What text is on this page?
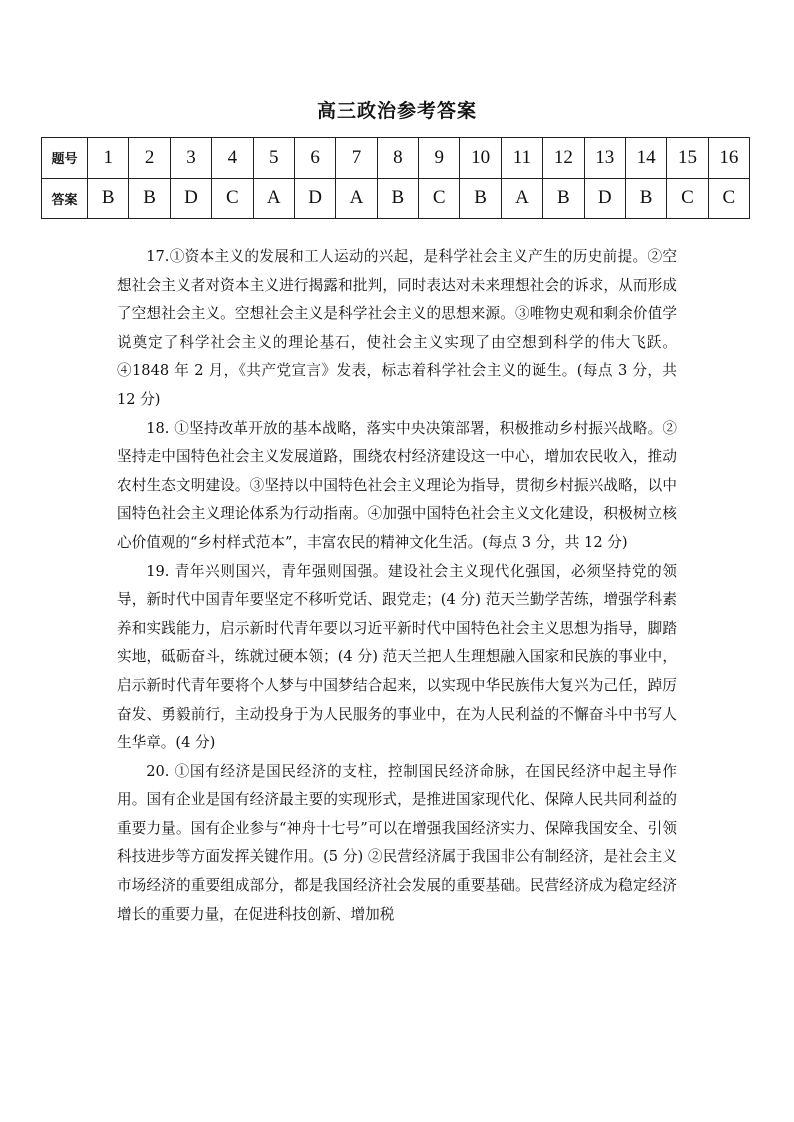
高三政治参考答案
题号	1	2	3	4	5	6	7	8	9	10	11	12	13	14	15	16
答案	B	B	D	C	A	D	A	B	C	B	A	B	D	B	C	C

17.①资本主义的发展和工人运动的兴起，是科学社会主义产生的历史前提。②空想社会主义者对资本主义进行揭露和批判，同时表达对未来理想社会的诉求，从而形成了空想社会主义。空想社会主义是科学社会主义的思想来源。③唯物史观和剩余价值学说奠定了科学社会主义的理论基石，使社会主义实现了由空想到科学的伟大飞跃。④1848 年 2 月，《共产党宣言》发表，标志着科学社会主义的诞生。(每点 3 分，共 12 分)

18. ①坚持改革开放的基本战略，落实中央决策部署，积极推动乡村振兴战略。②坚持走中国特色社会主义发展道路，围绕农村经济建设这一中心，增加农民收入，推动农村生态文明建设。③坚持以中国特色社会主义理论为指导，贯彻乡村振兴战略，以中国特色社会主义理论体系为行动指南。④加强中国特色社会主义文化建设，积极树立核心价值观的“乡村样式范本”，丰富农民的精神文化生活。(每点 3 分，共 12 分)

19. 青年兴则国兴，青年强则国强。建设社会主义现代化强国，必须坚持党的领导，新时代中国青年要坚定不移听党话、跟党走；(4 分) 范天兰勤学苦练，增强学科素养和实践能力，启示新时代青年要以习近平新时代中国特色社会主义思想为指导，脚踏实地，砥砺奋斗，练就过硬本领；(4 分) 范天兰把人生理想融入国家和民族的事业中，启示新时代青年要将个人梦与中国梦结合起来，以实现中华民族伟大复兴为己任，踔厉奋发、勇毅前行，主动投身于为人民服务的事业中，在为人民利益的不懈奋斗中书写人生华章。(4 分)

20. ①国有经济是国民经济的支柱，控制国民经济命脉，在国民经济中起主导作用。国有企业是国有经济最主要的实现形式，是推进国家现代化、保障人民共同利益的重要力量。国有企业参与“神舟十七号”可以在增强我国经济实力、保障我国安全、引领科技进步等方面发挥关键作用。(5 分) ②民营经济属于我国非公有制经济，是社会主义市场经济的重要组成部分，都是我国经济社会发展的重要基础。民营经济成为稳定经济增长的重要力量，在促进科技创新、增加税
